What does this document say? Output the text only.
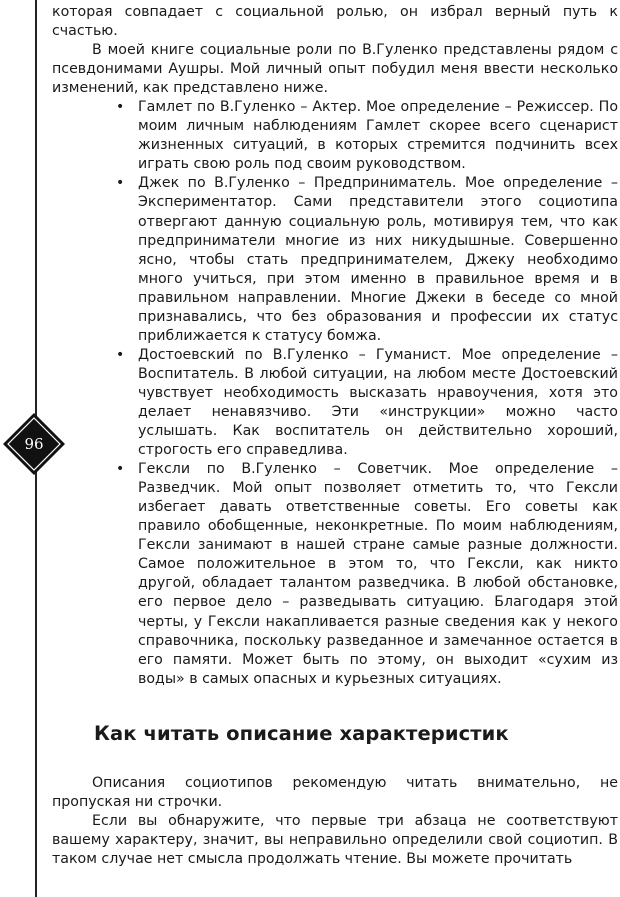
96

которая совпадает с социальной ролью, он избрал верный путь к счастью.

В моей книге социальные роли по В.Гуленко представлены рядом с псевдонимами Аушры. Мой личный опыт побудил меня ввести несколько изменений, как представлено ниже.

• Гамлет по В.Гуленко – Актер. Мое определение – Режиссер. По моим личным наблюдениям Гамлет скорее всего сценарист жизненных ситуаций, в которых стремится подчинить всех играть свою роль под своим руководством.
• Джек по В.Гуленко – Предприниматель. Мое определение – Экспериментатор. Сами представители этого социотипа отвергают данную социальную роль, мотивируя тем, что как предприниматели многие из них никудышные. Совершенно ясно, чтобы стать предпринимателем, Джеку необходимо много учиться, при этом именно в правильное время и в правильном направлении. Многие Джеки в беседе со мной признавались, что без образования и профессии их статус приближается к статусу бомжа.
• Достоевский по В.Гуленко – Гуманист. Мое определение – Воспитатель. В любой ситуации, на любом месте Достоевский чувствует необходимость высказать нравоучения, хотя это делает ненавязчиво. Эти «инструкции» можно часто услышать. Как воспитатель он действительно хороший, строгость его справедлива.
• Гексли по В.Гуленко – Советчик. Мое определение – Разведчик. Мой опыт позволяет отметить то, что Гексли избегает давать ответственные советы. Его советы как правило обобщенные, неконкретные. По моим наблюдениям, Гексли занимают в нашей стране самые разные должности. Самое положительное в этом то, что Гексли, как никто другой, обладает талантом разведчика. В любой обстановке, его первое дело – разведывать ситуацию. Благодаря этой черты, у Гексли накапливается разные сведения как у некого справочника, поскольку разведанное и замечанное остается в его памяти. Может быть по этому, он выходит «сухим из воды» в самых опасных и курьезных ситуациях.
Как читать описание характеристик

Описания социотипов рекомендую читать внимательно, не пропуская ни строчки.

Если вы обнаружите, что первые три абзаца не соответствуют вашему характеру, значит, вы неправильно определили свой социотип. В таком случае нет смысла продолжать чтение. Вы можете прочитать
